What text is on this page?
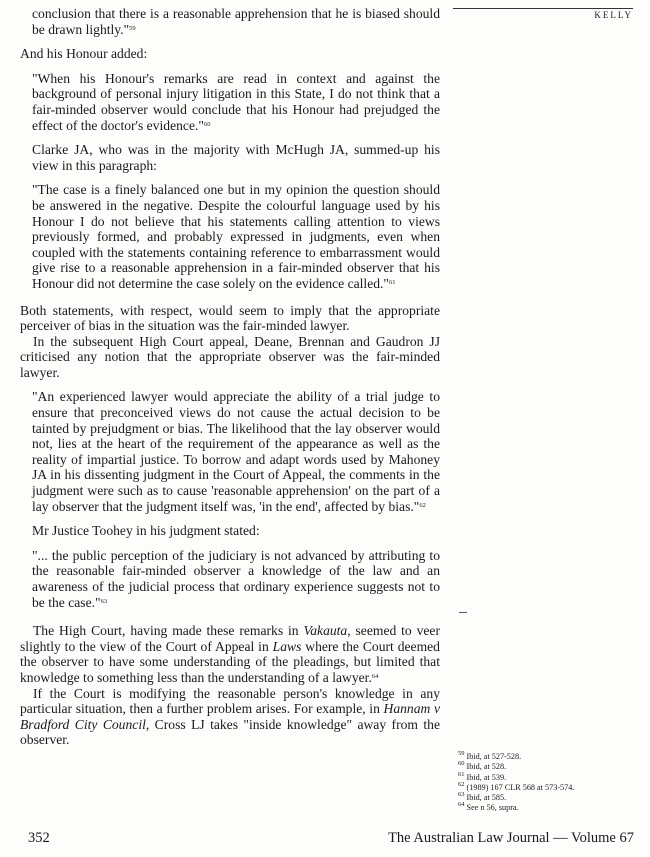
KELLY

conclusion that there is a reasonable apprehension that he is biased should be drawn lightly."$^{59}$

And his Honour added:

"When his Honour's remarks are read in context and against the background of personal injury litigation in this State, I do not think that a fair-minded observer would conclude that his Honour had prejudged the effect of the doctor's evidence."$^{60}$

Clarke JA, who was in the majority with McHugh JA, summed-up his view in this paragraph:

"The case is a finely balanced one but in my opinion the question should be answered in the negative. Despite the colourful language used by his Honour I do not believe that his statements calling attention to views previously formed, and probably expressed in judgments, even when coupled with the statements containing reference to embarrassment would give rise to a reasonable apprehension in a fair-minded observer that his Honour did not determine the case solely on the evidence called."$^{61}$

Both statements, with respect, would seem to imply that the appropriate perceiver of bias in the situation was the fair-minded lawyer.

In the subsequent High Court appeal, Deane, Brennan and Gaudron JJ criticised any notion that the appropriate observer was the fair-minded lawyer.

"An experienced lawyer would appreciate the ability of a trial judge to ensure that preconceived views do not cause the actual decision to be tainted by prejudgment or bias. The likelihood that the lay observer would not, lies at the heart of the requirement of the appearance as well as the reality of impartial justice. To borrow and adapt words used by Mahoney JA in his dissenting judgment in the Court of Appeal, the comments in the judgment were such as to cause 'reasonable apprehension' on the part of a lay observer that the judgment itself was, 'in the end', affected by bias."$^{62}$

Mr Justice Toohey in his judgment stated:

"... the public perception of the judiciary is not advanced by attributing to the reasonable fair-minded observer a knowledge of the law and an awareness of the judicial process that ordinary experience suggests not to be the case."$^{63}$

The High Court, having made these remarks in Vakauta, seemed to veer slightly to the view of the Court of Appeal in Laws where the Court deemed the observer to have some understanding of the pleadings, but limited that knowledge to something less than the understanding of a lawyer.$^{64}$

If the Court is modifying the reasonable person's knowledge in any particular situation, then a further problem arises. For example, in Hannam v Bradford City Council, Cross LJ takes "inside knowledge" away from the observer.

$^{59}$ Ibid, at 527-528.
$^{60}$ Ibid, at 528.
$^{61}$ Ibid, at 539.
$^{62}$ (1989) 167 CLR 568 at 573-574.
$^{63}$ Ibid, at 585.
$^{64}$ See n 56, supra.
352	The Australian Law Journal — Volume 67
